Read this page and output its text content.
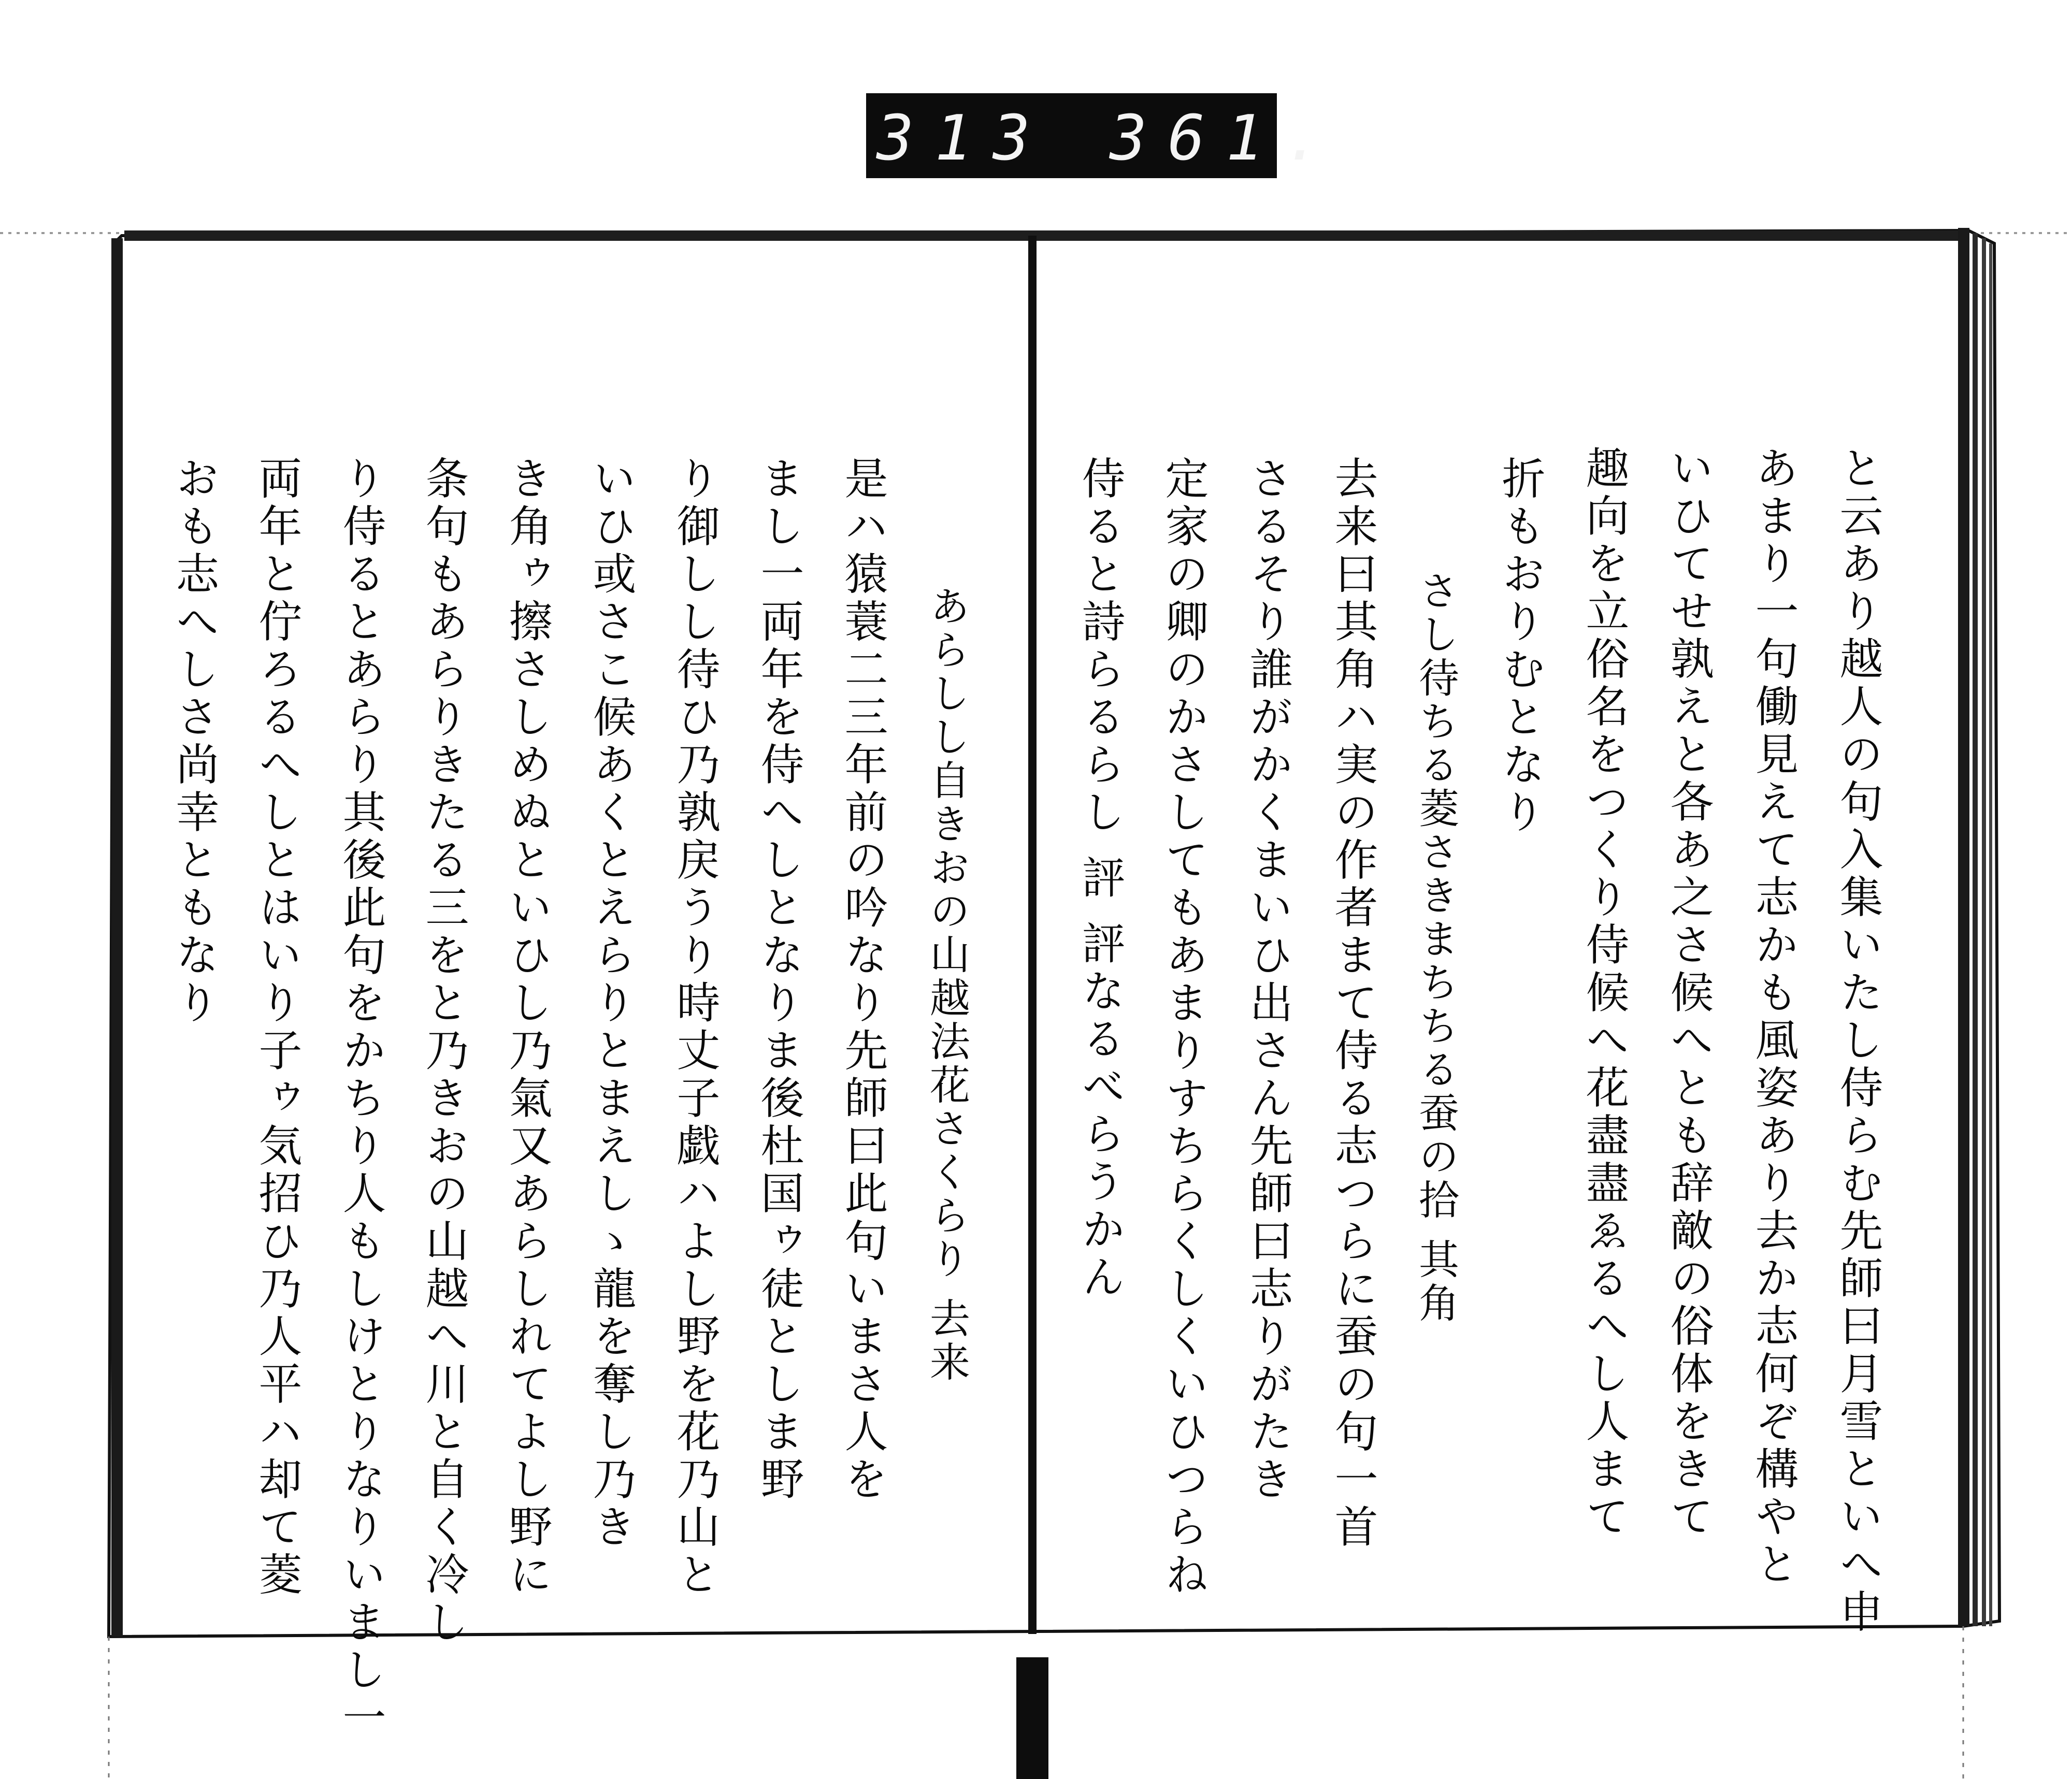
313 361.
と云あり越人の句入集いたし侍らむ先師曰月雪といへ申
あまり一句働見えて志かも風姿あり去か志何ぞ構やと
いひてせ孰えと各あ之さ候へとも辞敵の俗体をきて
趣向を立俗名をつくり侍候へ花盡盡ゑるへし人まて
折もおりむとなり
さし待ちる菱さきまちちる蚕の拾 其角
去来曰其角ハ実の作者まて侍る志つらに蚕の句一首
さるそり誰がかくまいひ出さん先師曰志りがたき
定家の卿のかさしてもあまりすちらくしくいひつらね
侍ると詩らるらし 評 評なるべらうかん
あらしし自きおの山越法花さくらり 去来
是ハ猿蓑二三年前の吟なり先師曰此句いまさ人を
まし一両年を侍へしとなりま後杜国ゥ徒としま野
り御しし待ひ乃孰戻うり時丈子戯ハよし野を花乃山と
いひ或さこ候あくとえらりとまえしゝ龍を奪し乃き
き角ゥ擦さしめぬといひし乃氣又あらしれてよし野に
条句もあらりきたる三をと乃きおの山越へ川と自く冷し
り侍るとあらり其後此句をかちり人もしけとりなりいまし一
両年と佇ろるへしとはいり子ゥ気招ひ乃人平ハ却て菱
おも志へしさ尚幸ともなり
